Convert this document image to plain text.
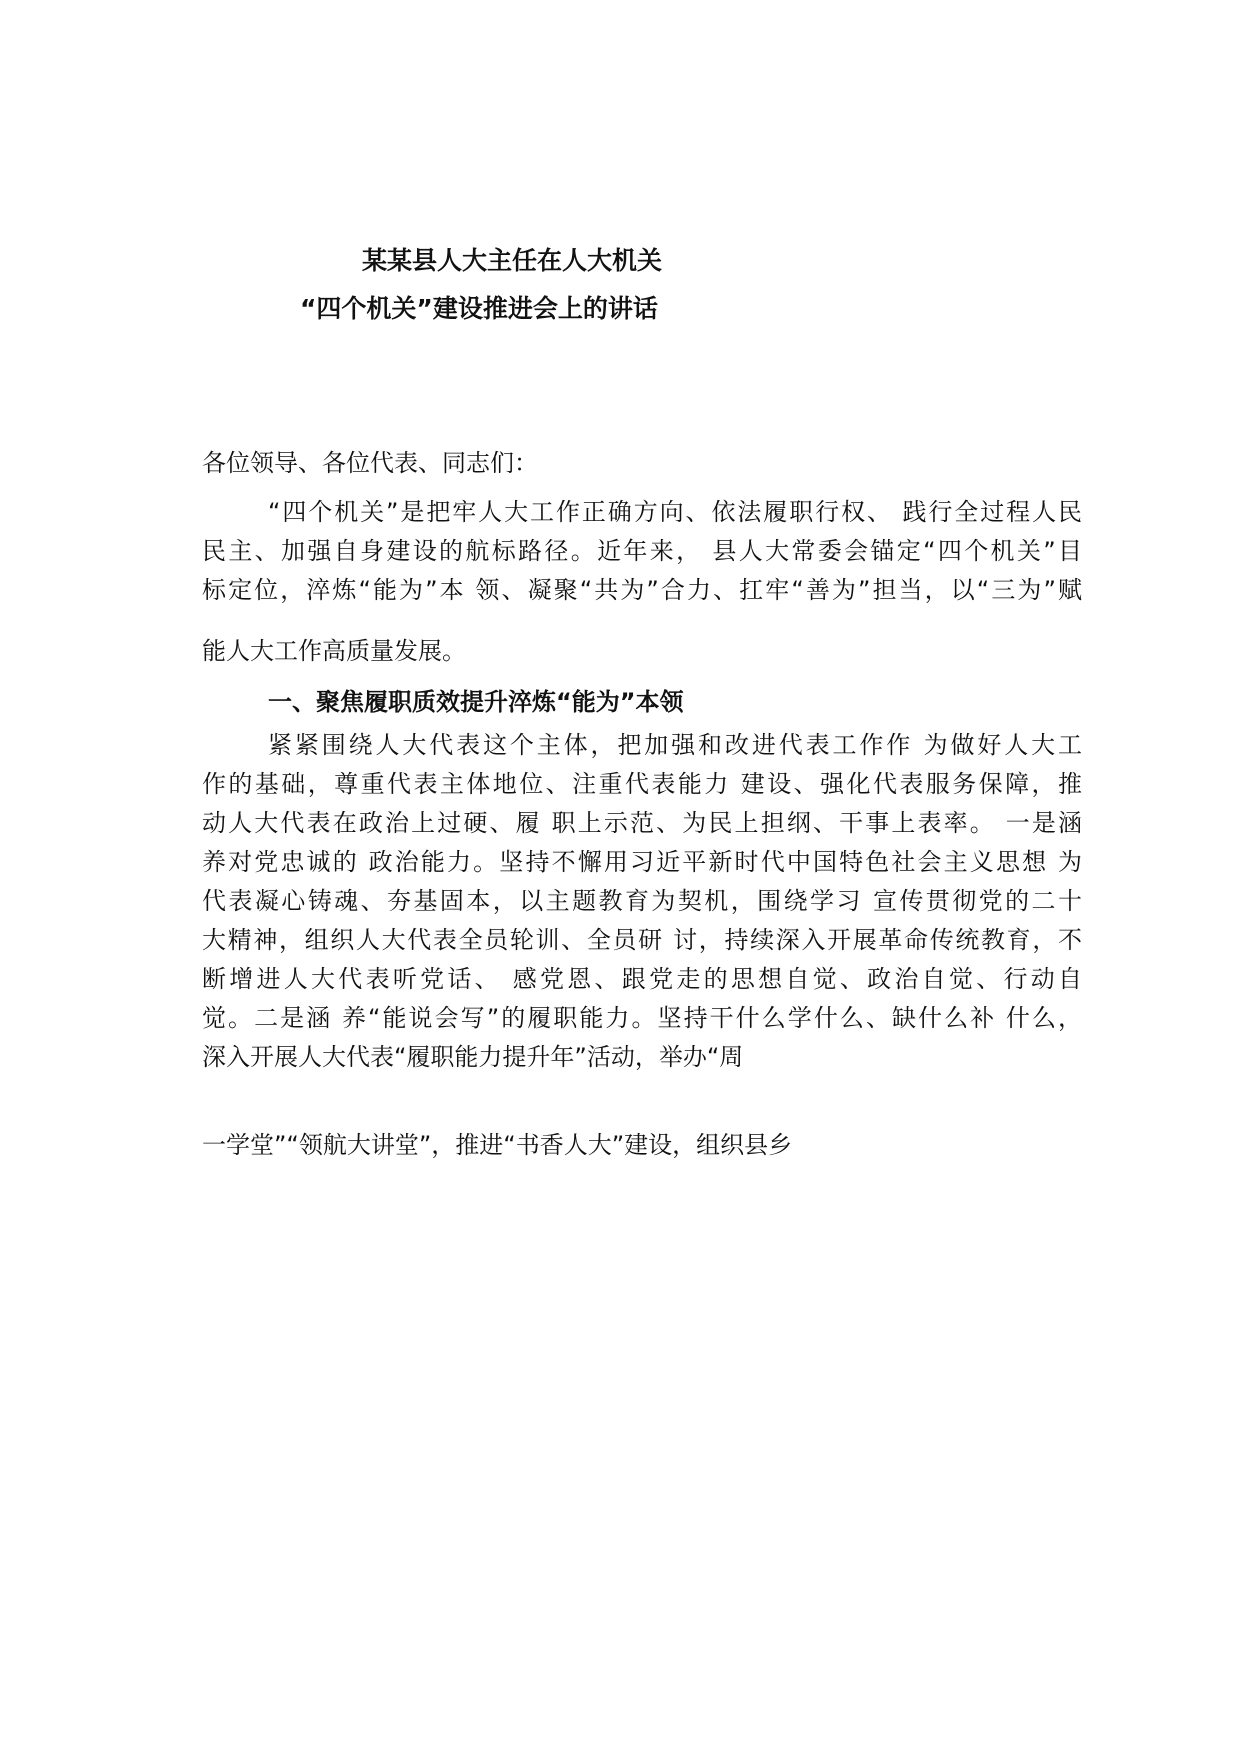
某某县人大主任在人大机关
“四个机关”建设推进会上的讲话
各位领导、各位代表、同志们：
“四个机关”是把牢人大工作正确方向、依法履职行权、 践行全过程人民
民主、加强自身建设的航标路径。近年来， 县人大常委会锚定“四个机关”目
标定位，淬炼“能为”本 领、凝聚“共为”合力、扛牢“善为”担当，以“三为”赋
能人大工作高质量发展。
一、聚焦履职质效提升淬炼“能为”本领
紧紧围绕人大代表这个主体，把加强和改进代表工作作 为做好人大工
作的基础，尊重代表主体地位、注重代表能力 建设、强化代表服务保障，推
动人大代表在政治上过硬、履 职上示范、为民上担纲、干事上表率。 一是涵
养对党忠诚的 政治能力。坚持不懈用习近平新时代中国特色社会主义思想 为
代表凝心铸魂、夯基固本，以主题教育为契机，围绕学习 宣传贯彻党的二十
大精神，组织人大代表全员轮训、全员研 讨，持续深入开展革命传统教育，不
断增进人大代表听党话、 感党恩、跟党走的思想自觉、政治自觉、行动自
觉。二是涵 养“能说会写”的履职能力。坚持干什么学什么、缺什么补 什么，
深入开展人大代表“履职能力提升年”活动，举办“周
一学堂”“领航大讲堂”，推进“书香人大”建设，组织县乡
